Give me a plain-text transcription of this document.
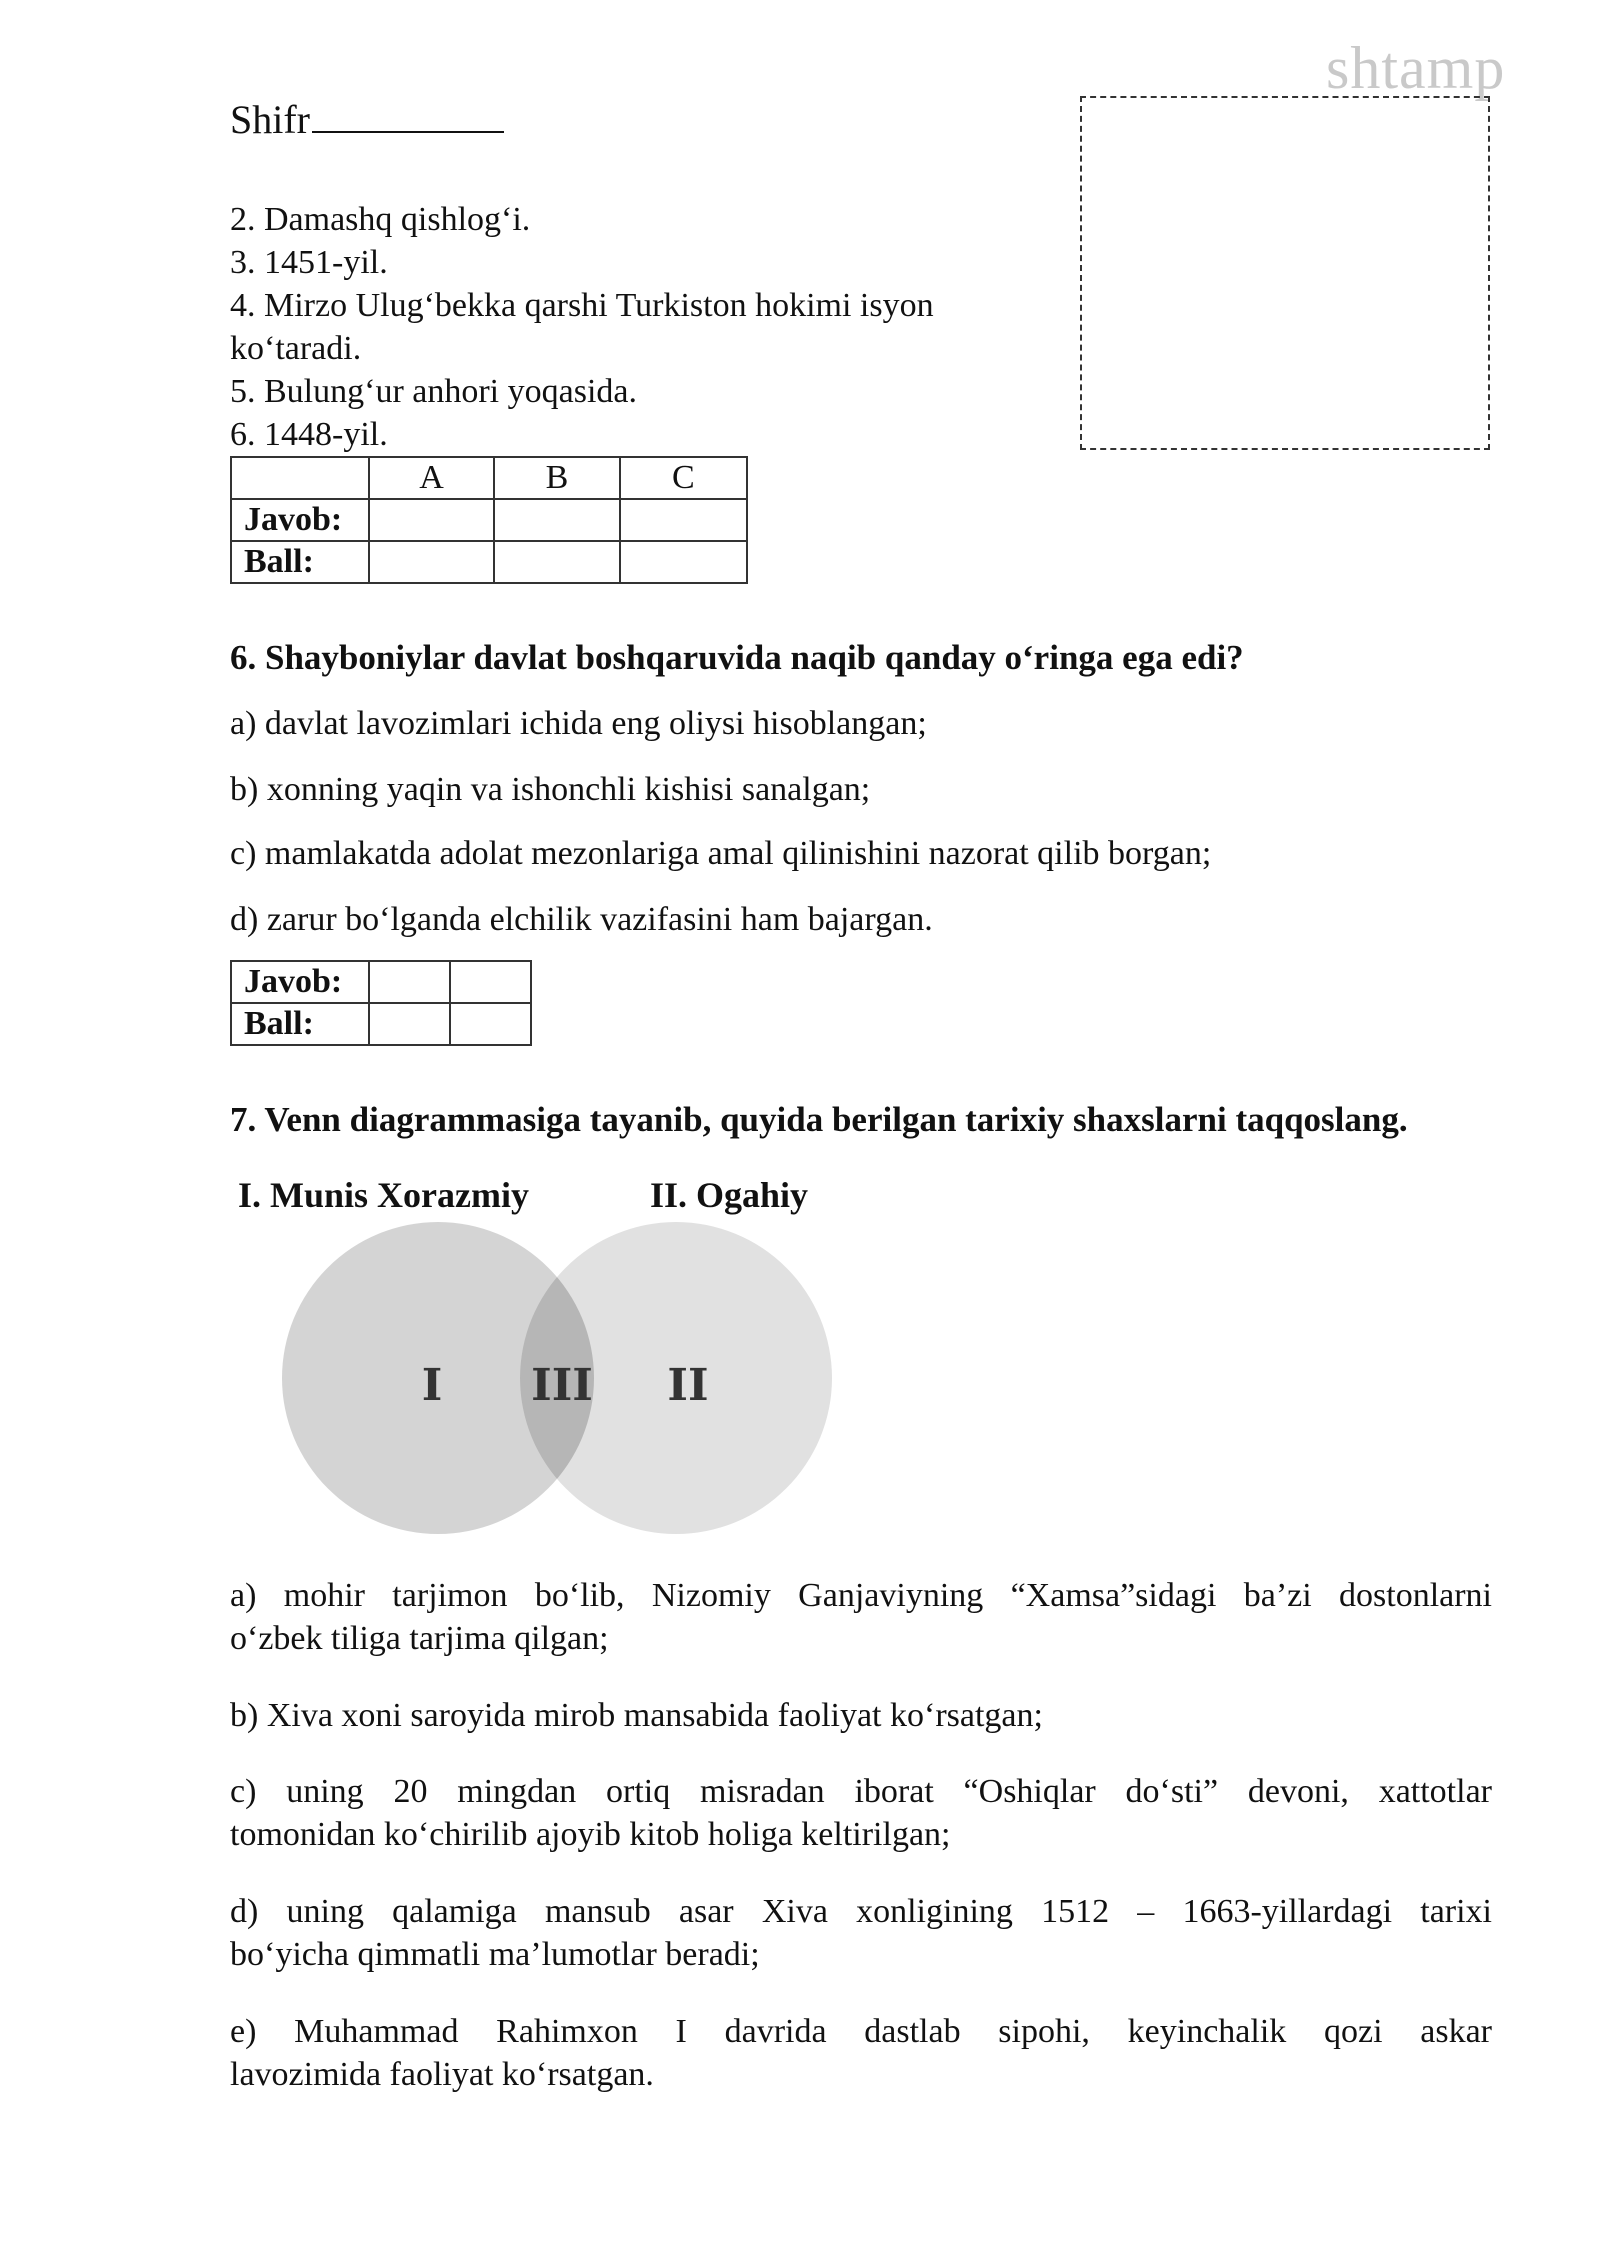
shtamp
Shifr
2. Damashq qishlog‘i.
3. 1451-yil.
4. Mirzo Ulug‘bekka qarshi Turkiston hokimi isyon
ko‘taradi.
5. Bulung‘ur anhori yoqasida.
6. 1448-yil.
	A	B	C
Javob:			
Ball:			
6. Shayboniylar davlat boshqaruvida naqib qanday o‘ringa ega edi?
a) davlat lavozimlari ichida eng oliysi hisoblangan;
b) xonning yaqin va ishonchli kishisi sanalgan;
c) mamlakatda adolat mezonlariga amal qilinishini nazorat qilib borgan;
d) zarur bo‘lganda elchilik vazifasini ham bajargan.
Javob:		
Ball:		
7. Venn diagrammasiga tayanib, quyida berilgan tarixiy shaxslarni taqqoslang.
I. Munis Xorazmiy	II. Ogahiy
I III II
a) mohir tarjimon bo‘lib, Nizomiy Ganjaviyning “Xamsa”sidagi ba’zi dostonlarni
o‘zbek tiliga tarjima qilgan;
b) Xiva xoni saroyida mirob mansabida faoliyat ko‘rsatgan;
c) uning 20 mingdan ortiq misradan iborat “Oshiqlar do‘sti” devoni, xattotlar
tomonidan ko‘chirilib ajoyib kitob holiga keltirilgan;
d) uning qalamiga mansub asar Xiva xonligining 1512 – 1663-yillardagi tarixi
bo‘yicha qimmatli ma’lumotlar beradi;
e) Muhammad Rahimxon I davrida dastlab sipohi, keyinchalik qozi askar
lavozimida faoliyat ko‘rsatgan.
